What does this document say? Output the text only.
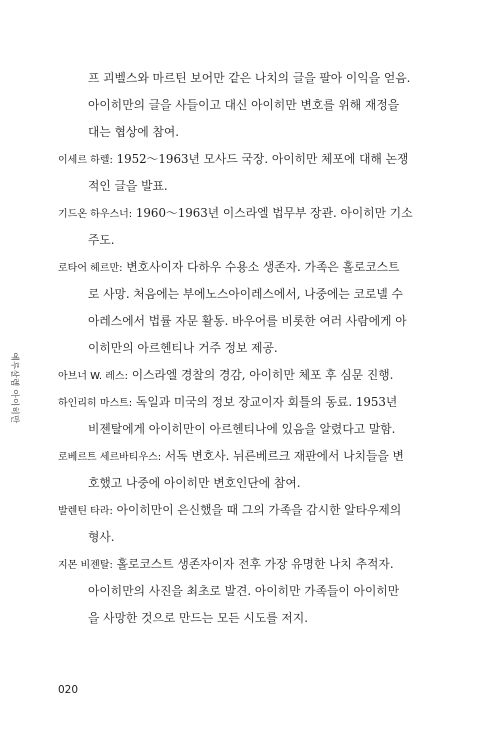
예루살렘 아이히만
프 괴벨스와 마르틴 보어만 같은 나치의 글을 팔아 이익을 얻음.
아이히만의 글을 사들이고 대신 아이히만 변호를 위해 재정을
대는 협상에 참여.
이세르 하렐: 1952～1963년 모사드 국장. 아이히만 체포에 대해 논쟁
적인 글을 발표.
기드온 하우스너: 1960～1963년 이스라엘 법무부 장관. 아이히만 기소
주도.
로타어 헤르만: 변호사이자 다하우 수용소 생존자. 가족은 홀로코스트
로 사망. 처음에는 부에노스아이레스에서, 나중에는 코로넬 수
아레스에서 법률 자문 활동. 바우어를 비롯한 여러 사람에게 아
이히만의 아르헨티나 거주 정보 제공.
아브너 W. 레스: 이스라엘 경찰의 경감, 아이히만 체포 후 심문 진행.
하인리히 마스트: 독일과 미국의 정보 장교이자 회틀의 동료. 1953년
비젠탈에게 아이히만이 아르헨티나에 있음을 알렸다고 말함.
로베르트 세르바티우스: 서독 변호사. 뉘른베르크 재판에서 나치들을 변
호했고 나중에 아이히만 변호인단에 참여.
발렌틴 타라: 아이히만이 은신했을 때 그의 가족을 감시한 알타우제의
형사.
지몬 비젠탈: 홀로코스트 생존자이자 전후 가장 유명한 나치 추적자.
아이히만의 사진을 최초로 발견. 아이히만 가족들이 아이히만
을 사망한 것으로 만드는 모든 시도를 저지.
020
